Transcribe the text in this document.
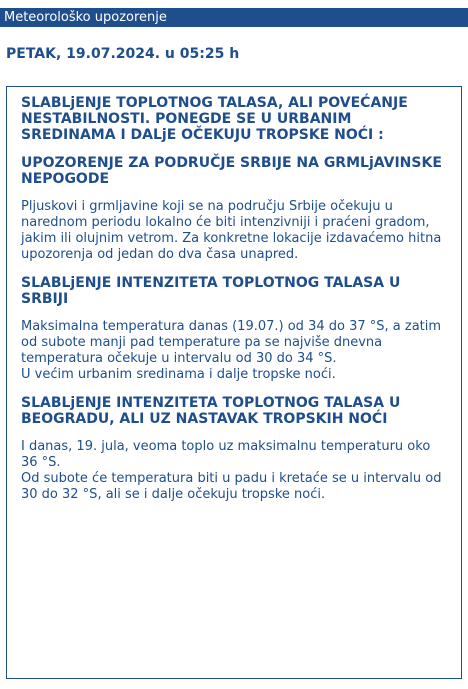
Meteorološko upozorenje
PETAK, 19.07.2024. u 05:25 h
SLABLjENJE TOPLOTNOG TALASA, ALI POVEĆANJE NESTABILNOSTI. PONEGDE SE U URBANIM SREDINAMA I DALjE OČEKUJU TROPSKE NOĆI :
UPOZORENJE ZA PODRUČJE SRBIJE NA GRMLjAVINSKE NEPOGODE
Pljuskovi i grmljavine koji se na području Srbije očekuju u narednom periodu lokalno će biti intenzivniji i praćeni gradom, jakim ili olujnim vetrom. Za konkretne lokacije izdavaćemo hitna upozorenja od jedan do dva časa unapred.
SLABLjENJE INTENZITETA TOPLOTNOG TALASA U SRBIJI
Maksimalna temperatura danas (19.07.) od 34 do 37 °S, a zatim od subote manji pad temperature pa se najviše dnevna temperatura očekuje u intervalu od 30 do 34 °S.
U većim urbanim sredinama i dalje tropske noći.
SLABLjENJE INTENZITETA TOPLOTNOG TALASA U BEOGRADU, ALI UZ NASTAVAK TROPSKIH NOĆI
I danas, 19. jula, veoma toplo uz maksimalnu temperaturu oko 36 °S.
Od subote će temperatura biti u padu i kretaće se u intervalu od 30 do 32 °S, ali se i dalje očekuju tropske noći.
